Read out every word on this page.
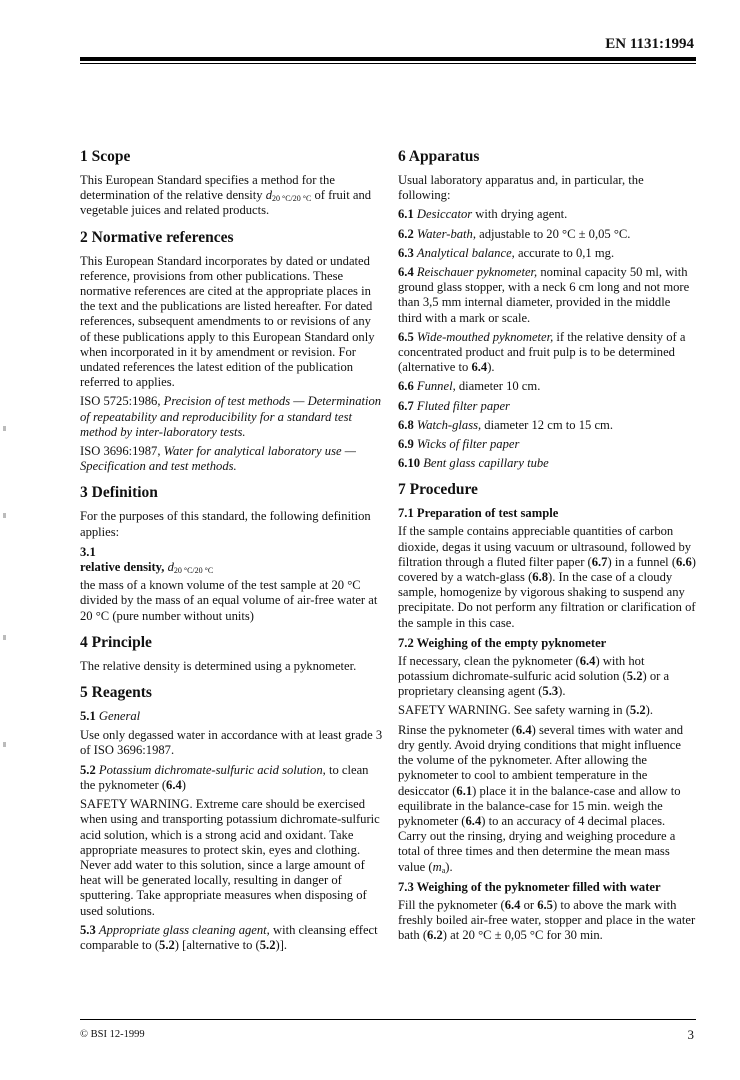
EN 1131:1994
1 Scope

This European Standard specifies a method for the determination of the relative density $d_{20 ^\circ C/20 ^\circ C}$ of fruit and vegetable juices and related products.

2 Normative references

This European Standard incorporates by dated or undated reference, provisions from other publications. These normative references are cited at the appropriate places in the text and the publications are listed hereafter. For dated references, subsequent amendments to or revisions of any of these publications apply to this European Standard only when incorporated in it by amendment or revision. For undated references the latest edition of the publication referred to applies.

ISO 5725:1986, Precision of test methods — Determination of repeatability and reproducibility for a standard test method by inter-laboratory tests.

ISO 3696:1987, Water for analytical laboratory use — Specification and test methods.

3 Definition

For the purposes of this standard, the following definition applies:

3.1
relative density, $d_{20 ^\circ C/20 ^\circ C}$

the mass of a known volume of the test sample at 20 °C divided by the mass of an equal volume of air-free water at 20 °C (pure number without units)

4 Principle

The relative density is determined using a pyknometer.

5 Reagents

5.1 General

Use only degassed water in accordance with at least grade 3 of ISO 3696:1987.

5.2 Potassium dichromate-sulfuric acid solution, to clean the pyknometer (6.4)

SAFETY WARNING. Extreme care should be exercised when using and transporting potassium dichromate-sulfuric acid solution, which is a strong acid and oxidant. Take appropriate measures to protect skin, eyes and clothing. Never add water to this solution, since a large amount of heat will be generated locally, resulting in danger of sputtering. Take appropriate measures when disposing of used solutions.

5.3 Appropriate glass cleaning agent, with cleansing effect comparable to (5.2) [alternative to (5.2)].

6 Apparatus

Usual laboratory apparatus and, in particular, the following:

6.1 Desiccator with drying agent.

6.2 Water-bath, adjustable to 20 °C ± 0,05 °C.

6.3 Analytical balance, accurate to 0,1 mg.

6.4 Reischauer pyknometer, nominal capacity 50 ml, with ground glass stopper, with a neck 6 cm long and not more than 3,5 mm internal diameter, provided in the middle third with a mark or scale.

6.5 Wide-mouthed pyknometer, if the relative density of a concentrated product and fruit pulp is to be determined (alternative to 6.4).

6.6 Funnel, diameter 10 cm.

6.7 Fluted filter paper

6.8 Watch-glass, diameter 12 cm to 15 cm.

6.9 Wicks of filter paper

6.10 Bent glass capillary tube

7 Procedure
7.1 Preparation of test sample

If the sample contains appreciable quantities of carbon dioxide, degas it using vacuum or ultrasound, followed by filtration through a fluted filter paper (6.7) in a funnel (6.6) covered by a watch-glass (6.8). In the case of a cloudy sample, homogenize by vigorous shaking to suspend any precipitate. Do not perform any filtration or clarification of the sample in this case.

7.2 Weighing of the empty pyknometer

If necessary, clean the pyknometer (6.4) with hot potassium dichromate-sulfuric acid solution (5.2) or a proprietary cleansing agent (5.3).

SAFETY WARNING. See safety warning in (5.2).

Rinse the pyknometer (6.4) several times with water and dry gently. Avoid drying conditions that might influence the volume of the pyknometer. After allowing the pyknometer to cool to ambient temperature in the desiccator (6.1) place it in the balance-case and allow to equilibrate in the balance-case for 15 min. weigh the pyknometer (6.4) to an accuracy of 4 decimal places. Carry out the rinsing, drying and weighing procedure a total of three times and then determine the mean mass value $(m_a)$.

7.3 Weighing of the pyknometer filled with water

Fill the pyknometer (6.4 or 6.5) to above the mark with freshly boiled air-free water, stopper and place in the water bath (6.2) at 20 °C ± 0,05 °C for 30 min.

© BSI 12-1999	3
